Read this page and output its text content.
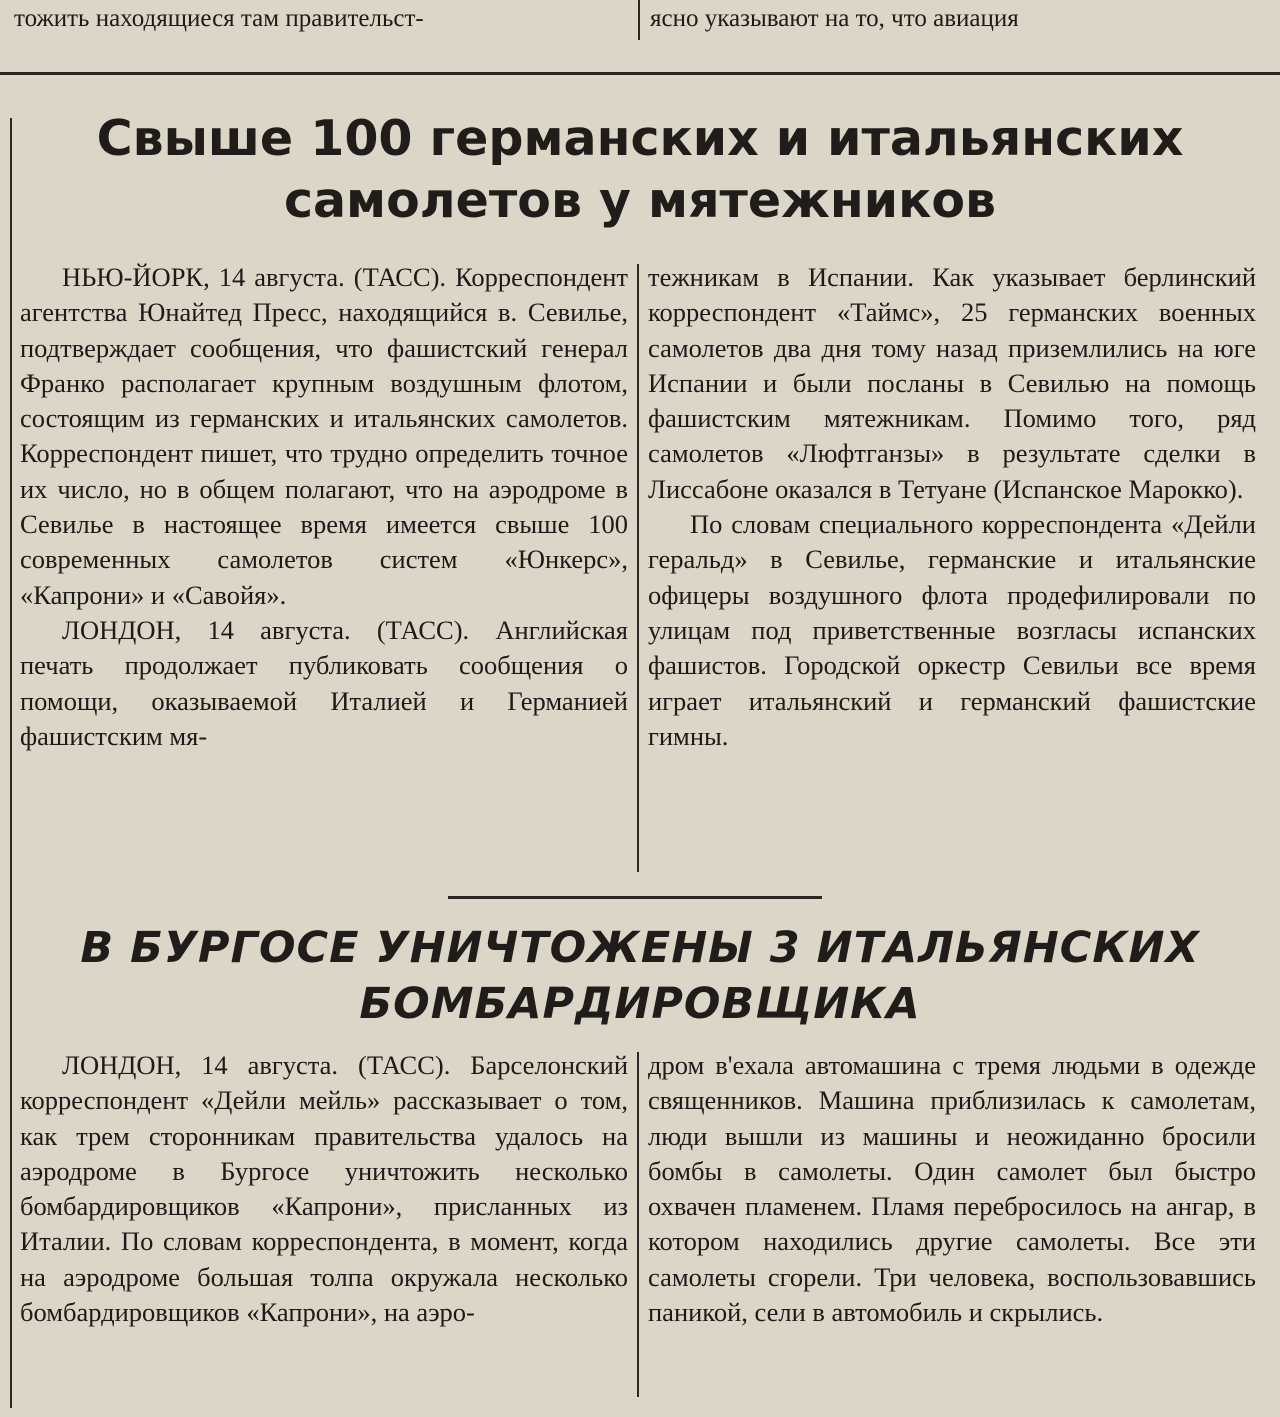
тожить находящиеся там правительст-	ясно указывают на то, что авиация
Свыше 100 германских и итальянских
самолетов у мятежников

НЬЮ-ЙОРК, 14 августа. (ТАСС). Корреспондент агентства Юнайтед Пресс, находящийся в. Севилье, подтверждает сообщения, что фашистский генерал Франко располагает крупным воздушным флотом, состоящим из германских и итальянских самолетов. Корреспондент пишет, что трудно определить точное их число, но в общем полагают, что на аэродроме в Севилье в настоящее время имеется свыше 100 современных самолетов систем «Юнкерс», «Капрони» и «Савойя».

ЛОНДОН, 14 августа. (ТАСС). Английская печать продолжает публиковать сообщения о помощи, оказываемой Италией и Германией фашистским мя-

тежникам в Испании. Как указывает берлинский корреспондент «Таймс», 25 германских военных самолетов два дня тому назад приземлились на юге Испании и были посланы в Севилью на помощь фашистским мятежникам. Помимо того, ряд самолетов «Люфтганзы» в результате сделки в Лиссабоне оказался в Тетуане (Испанское Марокко).

По словам специального корреспондента «Дейли геральд» в Севилье, германские и итальянские офицеры воздушного флота продефилировали по улицам под приветственные возгласы испанских фашистов. Городской оркестр Севильи все время играет итальянский и германский фашистские гимны.

В БУРГОСЕ УНИЧТОЖЕНЫ 3 ИТАЛЬЯНСКИХ
БОМБАРДИРОВЩИКА

ЛОНДОН, 14 августа. (ТАСС). Барселонский корреспондент «Дейли мейль» рассказывает о том, как трем сторонникам правительства удалось на аэродроме в Бургосе уничтожить несколько бомбардировщиков «Капрони», присланных из Италии. По словам корреспондента, в момент, когда на аэродроме большая толпа окружала несколько бомбардировщиков «Капрони», на аэро-

дром в'ехала автомашина с тремя людьми в одежде священников. Машина приблизилась к самолетам, люди вышли из машины и неожиданно бросили бомбы в самолеты. Один самолет был быстро охвачен пламенем. Пламя перебросилось на ангар, в котором находились другие самолеты. Все эти самолеты сгорели. Три человека, воспользовавшись паникой, сели в автомобиль и скрылись.
